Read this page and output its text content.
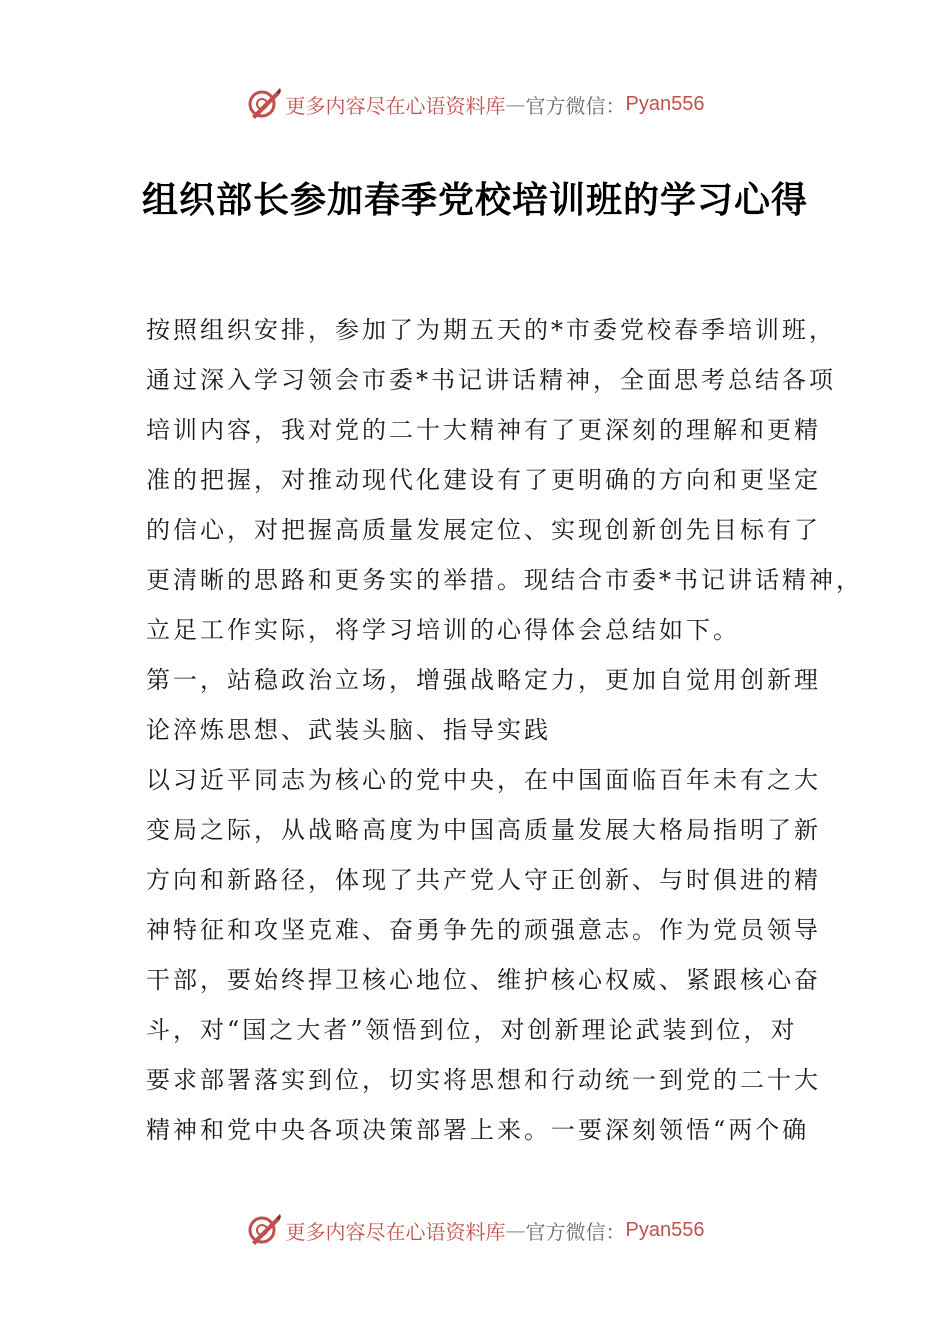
更多内容尽在心语资料库 — 官方微信： Pyan556
组织部长参加春季党校培训班的学习心得
按照组织安排，参加了为期五天的*市委党校春季培训班，
通过深入学习领会市委*书记讲话精神，全面思考总结各项
培训内容，我对党的二十大精神有了更深刻的理解和更精
准的把握，对推动现代化建设有了更明确的方向和更坚定
的信心，对把握高质量发展定位、实现创新创先目标有了
更清晰的思路和更务实的举措。现结合市委*书记讲话精神，
立足工作实际，将学习培训的心得体会总结如下。
第一，站稳政治立场，增强战略定力，更加自觉用创新理
论淬炼思想、武装头脑、指导实践
以习近平同志为核心的党中央，在中国面临百年未有之大
变局之际，从战略高度为中国高质量发展大格局指明了新
方向和新路径，体现了共产党人守正创新、与时俱进的精
神特征和攻坚克难、奋勇争先的顽强意志。作为党员领导
干部，要始终捍卫核心地位、维护核心权威、紧跟核心奋
斗，对“国之大者”领悟到位，对创新理论武装到位，对
要求部署落实到位，切实将思想和行动统一到党的二十大
精神和党中央各项决策部署上来。一要深刻领悟“两个确
更多内容尽在心语资料库 — 官方微信： Pyan556
